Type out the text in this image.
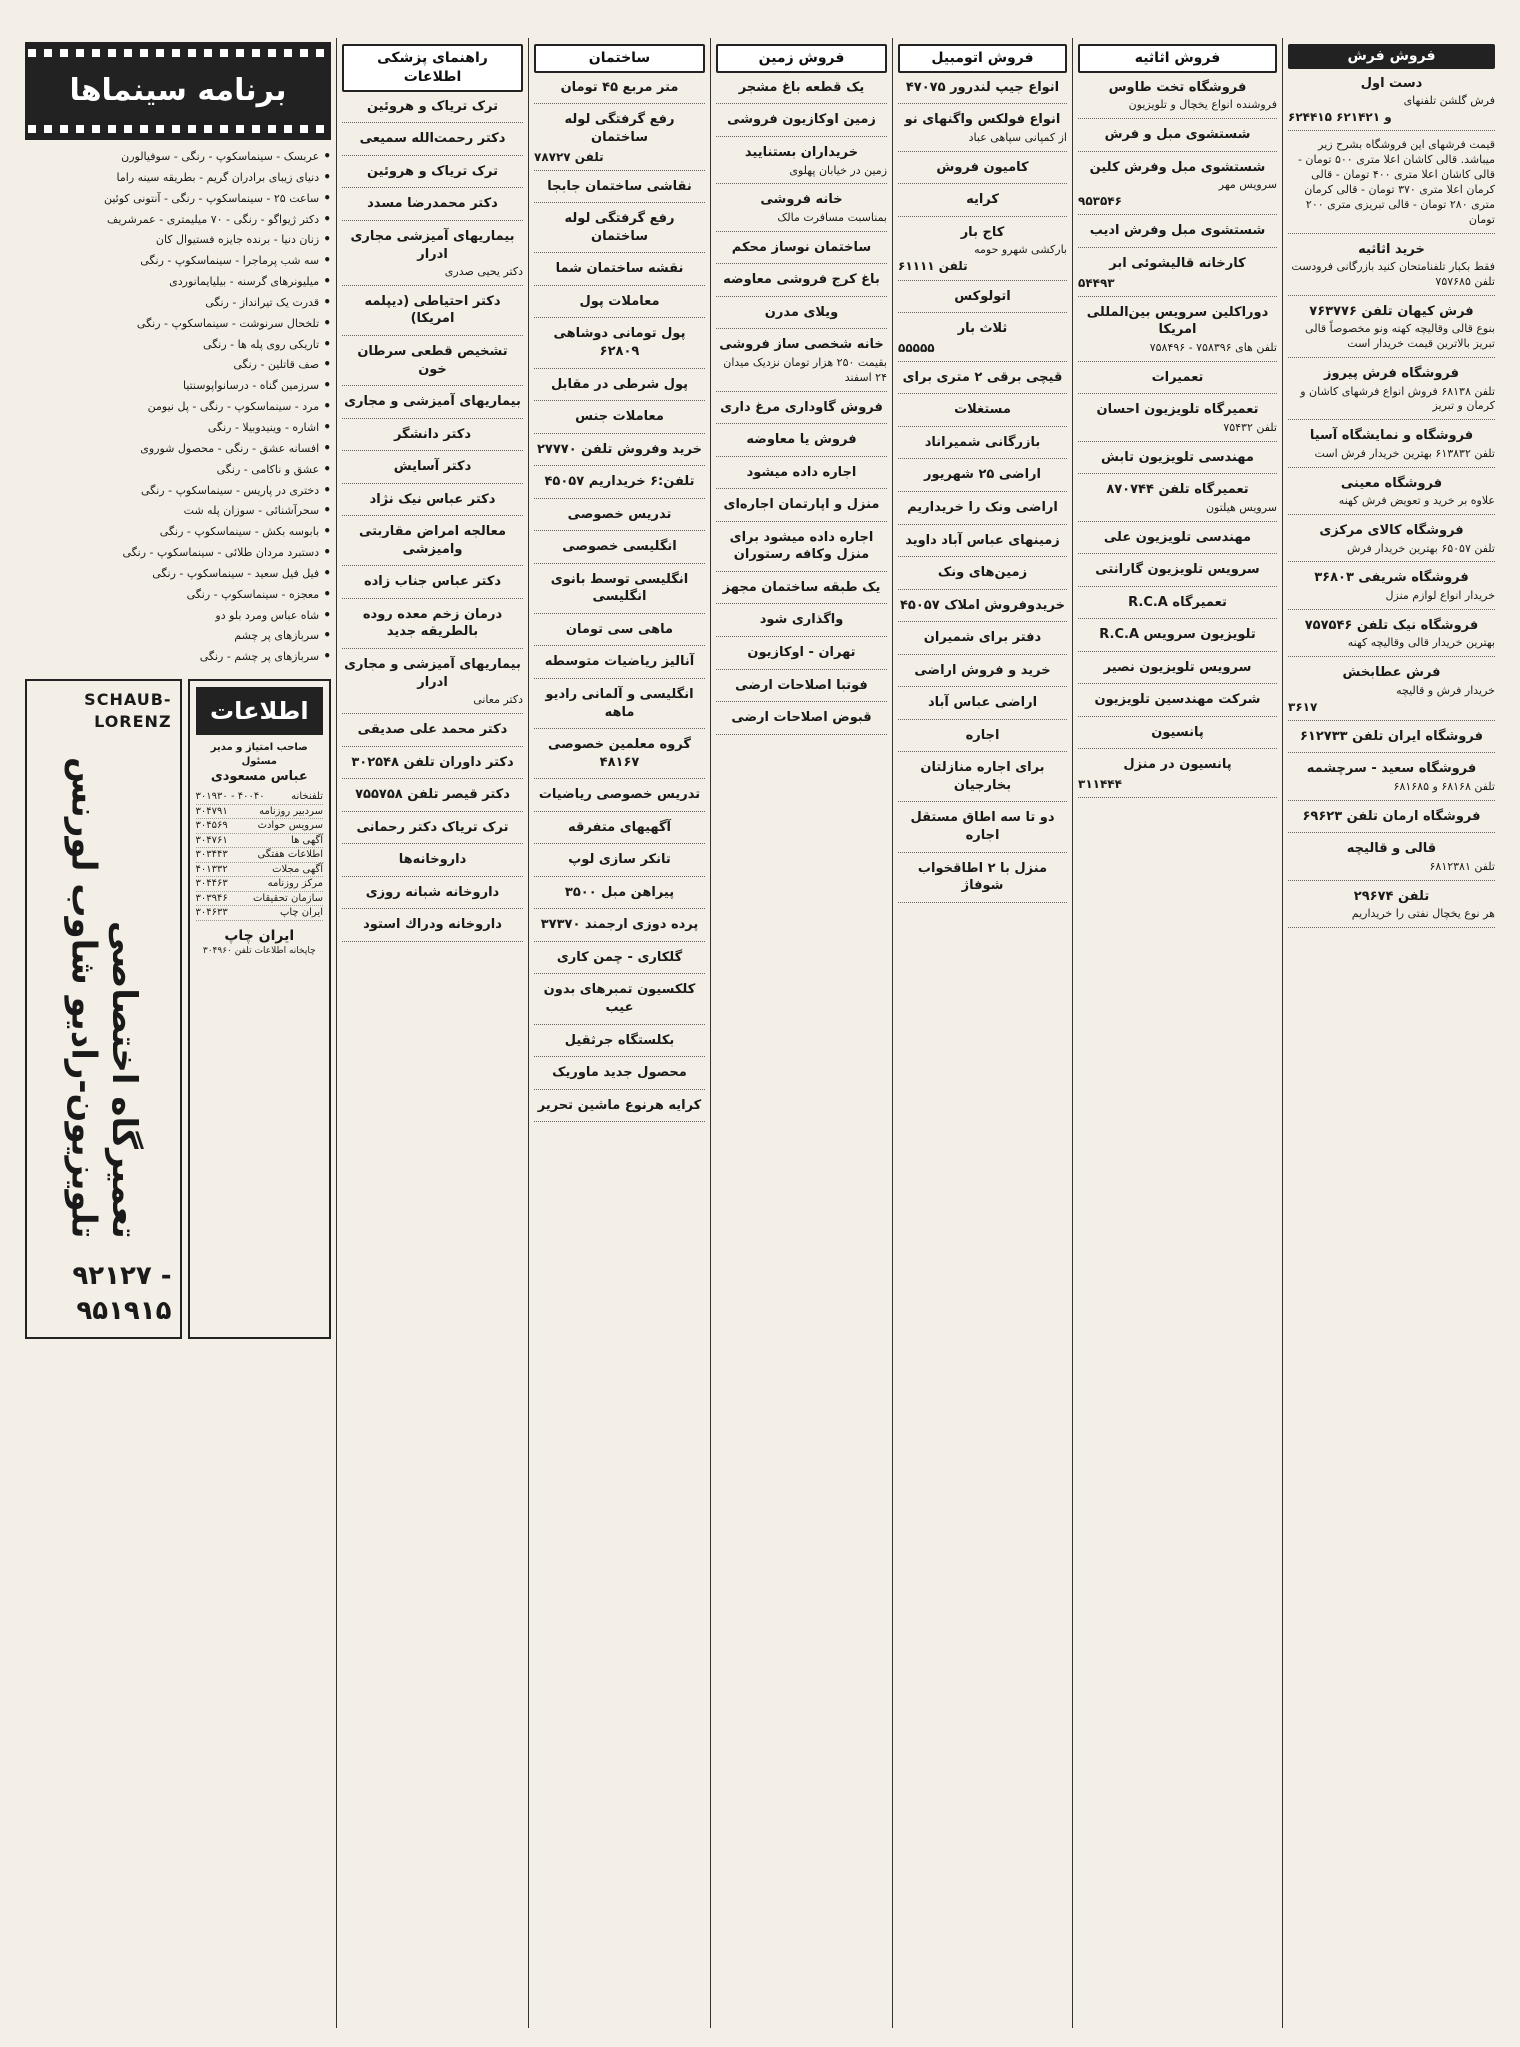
فروش فرش
دست اول
فرش گلشن تلفنهای
۶۲۴۴۱۵ و ۶۲۱۴۲۱
قیمت فرشهای این فروشگاه بشرح زیر میباشد. قالی کاشان اعلا متری ۵۰۰ تومان - قالی کاشان اعلا متری ۴۰۰ تومان - قالی کرمان اعلا متری ۳۷۰ تومان - قالی کرمان متری ۲۸۰ تومان - قالی تبریزی متری ۲۰۰ تومان
خرید اثاثیه
فقط بکبار تلفنامتحان کنید بازرگانی فرودست تلفن ۷۵۷۶۸۵
فرش کیهان تلفن ۷۶۳۷۷۶
بنوع قالی وقالیچه کهنه ونو مخصوصاً قالی تبریز بالاترین قیمت خریدار است
فروشگاه فرش پیروز
تلفن ۶۸۱۳۸ فروش انواع فرشهای کاشان و کرمان و تبریز
فروشگاه و نمایشگاه آسیا
تلفن ۶۱۳۸۳۲ بهترین خریدار فرش است
فروشگاه معینی
علاوه بر خرید و تعویض فرش کهنه
فروشگاه کالای مرکزی
تلفن ۶۵۰۵۷ بهترین خریدار فرش
فروشگاه شریفی ۳۶۸۰۳
خریدار انواع لوازم منزل
فروشگاه نیک تلفن ۷۵۷۵۴۶
بهترین خریدار قالی وقالیچه کهنه
فرش عطابخش
خریدار فرش و قالیچه
۳۶۱۷
فروشگاه ایران تلفن ۶۱۲۷۳۳
فروشگاه سعید - سرچشمه
تلفن ۶۸۱۶۸ و ۶۸۱۶۸۵
فروشگاه ارمان تلفن ۶۹۶۲۳
قالی و قالیچه
تلفن ۶۸۱۲۳۸۱
تلفن ۲۹۶۷۴
هر نوع یخچال نفتی را خریداریم
فروش اثاثیه
فروشگاه تخت طاوس
فروشنده انواع یخچال و تلویزیون
شستشوی مبل و فرش
شستشوی مبل وفرش کلین
سرویس مهر
۹۵۳۵۴۶
شستشوی مبل وفرش ادیب
کارخانه قالیشوئی ابر
۵۴۴۹۳
دوراکلین سرویس بین‌المللی امریکا
تلفن های ۷۵۸۳۹۶ - ۷۵۸۴۹۶
تعمیرات
تعمیرگاه تلویزیون احسان
تلفن ۷۵۴۳۲
مهندسی تلویزیون تابش
تعمیرگاه تلفن ۸۷۰۷۴۴
سرویس هیلتون
مهندسی تلویزیون علی
سرویس تلویزیون گارانتی
تعمیرگاه R.C.A
تلویزیون سرویس R.C.A
سرویس تلویزیون نصیر
شرکت مهندسین تلویزیون
پانسیون
پانسیون در منزل
۳۱۱۴۴۴
فروش اتومبیل
انواع جیپ لندرور ۴۷۰۷۵
انواع فولکس واگنهای نو
از کمپانی سپاهی عباد
کامیون فروش
کرایه
کاج بار
بارکشی شهرو حومه
تلفن ۶۱۱۱۱
اتولوکس
ثلاث بار
۵۵۵۵۵
قیچی برقی ۲ متری برای
مستغلات
بازرگانی شمیراناد
اراضی ۲۵ شهریور
اراضی ونک را خریداریم
زمینهای عباس آباد داوید
زمین‌های ونک
خریدوفروش املاک ۴۵۰۵۷
دفتر برای شمیران
خرید و فروش اراضی
اراضی عباس آباد
اجاره
برای اجاره منازلتان بخارجیان
دو تا سه اطاق مستقل اجاره
منزل با ۲ اطاقخواب شوفاژ
فروش زمین
یک قطعه باغ مشجر
زمین اوکازیون فروشی
خریداران بستنایید
زمین در خیابان پهلوی
خانه فروشی
بمناسبت مسافرت مالک
ساختمان نوساز محکم
باغ کرج فروشی معاوضه
ویلای مدرن
خانه شخصی ساز فروشی
بقیمت ۲۵۰ هزار تومان نزدیک میدان ۲۴ اسفند
فروش گاوداری مرغ داری
فروش یا معاوضه
اجاره داده میشود
منزل و اپارتمان اجاره‌ای
اجاره داده میشود برای منزل وکافه رستوران
یک طبقه ساختمان مجهز
واگذاری شود
تهران - اوکازیون
فوتبا اصلاحات ارضی
قبوض اصلاحات ارضی
ساختمان
متر مربع ۴۵ تومان
رفع گرفتگی لوله ساختمان
تلفن ۷۸۷۲۷
نقاشی ساختمان جابجا
رفع گرفتگی لوله ساختمان
نقشه ساختمان شما
معاملات پول
پول تومانی دوشاهی ۶۲۸۰۹
پول شرطی در مقابل
معاملات جنس
خرید وفروش تلفن ۲۷۷۷۰
تلفن:۶ خریداریم ۴۵۰۵۷
تدریس خصوصی
انگلیسی خصوصی
انگلیسی توسط بانوی انگلیسی
ماهی سی تومان
آنالیز ریاضیات متوسطه
انگلیسی و آلمانی رادیو ماهه
گروه معلمین خصوصی ۴۸۱۶۷
تدریس خصوصی ریاضیات
آگهیهای متفرقه
تانکر سازی لوپ
پیراهن مبل ۳۵۰۰
پرده دوزی ارجمند ۳۷۳۷۰
گلکاری - چمن کاری
کلکسیون تمبرهای بدون عیب
بکلستگاه جرثقیل
محصول جدید ماوریک
کرایه هرنوع ماشین تحریر
راهنمای پزشکی اطلاعات
ترک تریاک و هروئین
دکتر رحمت‌الله سمیعی
ترک تریاک و هروئین
دکتر محمدرضا مسدد
بیماریهای آمیزشی مجاری ادرار
دکتر یحیی صدری
دکتر احتیاطی (دیپلمه امریکا)
تشخیص قطعی سرطان خون
بیماریهای آمیزشی و مجاری
دکتر دانشگر
دکتر آسایش
دکتر عباس نیک نژاد
معالجه امراض مقاربتی وامیزشی
دکتر عباس جناب زاده
درمان زخم معده روده بالطریقه جدید
بیماریهای آمیزشی و مجاری ادرار
دکتر معانی
دکتر محمد علی صدیقی
دکتر داوران تلفن ۳۰۲۵۴۸
دکتر قیصر تلفن ۷۵۵۷۵۸
ترک تریاک دکتر رحمانی
داروخانه‌ها
داروخانه شبانه روزی
داروخانه ودراك استود
برنامه سینماها
• عربسک - سینماسکوپ - رنگی - سوفیالورن
• دنیای زیبای برادران گریم - بطریقه سینه راما
• ساعت ۲۵ - سینماسکوپ - رنگی - آنتونی کوئین
• دکتر ژیواگو - رنگی - ۷۰ میلیمتری - عمرشریف
• زنان دنیا - برنده جایزه فستیوال کان
• سه شب پرماجرا - سینماسکوپ - رنگی
• میلیونرهای گرسنه - بیلیایمانوردی
• قدرت یک تیرانداز - رنگی
• تلخحال سرنوشت - سینماسکوپ - رنگی
• تاریکی روی پله ها - رنگی
• صف قاتلین - رنگی
• سرزمین گناه - درسانواپوسنتیا
• مرد - سینماسکوپ - رنگی - پل نیومن
• اشاره - وینیدوبیلا - رنگی
• افسانه عشق - رنگی - محصول شوروی
• عشق و ناکامی - رنگی
• دختری در پاریس - سینماسکوپ - رنگی
• سحرآشنائی - سوزان پله شت
• بابوسه بکش - سینماسکوپ - رنگی
• دستبرد مردان طلائی - سینماسکوپ - رنگی
• فیل فیل سعید - سینماسکوپ - رنگی
• معجزه - سینماسکوپ - رنگی
• شاه عباس ومرد بلو دو
• سربازهای پر چشم
• سربازهای پر چشم - رنگی
SCHAUB-LORENZ
تعمیرگاه اختصاصی تلویزیون-رادیو شاوب لورنس
۹۲۱۲۷ - ۹۵۱۹۱۵
اطلاعات
صاحب امتیاز و مدیر مسئول
عباس مسعودی
تلفنخانه
۴۰۰۴۰ - ۳۰۱۹۳۰
سردبیر روزنامه
۳۰۴۷۹۱
سرویس حوادث
۳۰۴۵۶۹
آگهی ها
۳۰۴۷۶۱
اطلاعات هفتگی
۳۰۳۴۴۳
آگهی مجلات
۴۰۱۳۳۲
مرکز روزنامه
۳۰۴۴۶۳
سازمان تحقیقات
۳۰۳۹۴۶
ایران چاپ
۳۰۴۶۳۳
ایران چاپ
چاپخانه اطلاعات تلفن ۳۰۴۹۶۰
